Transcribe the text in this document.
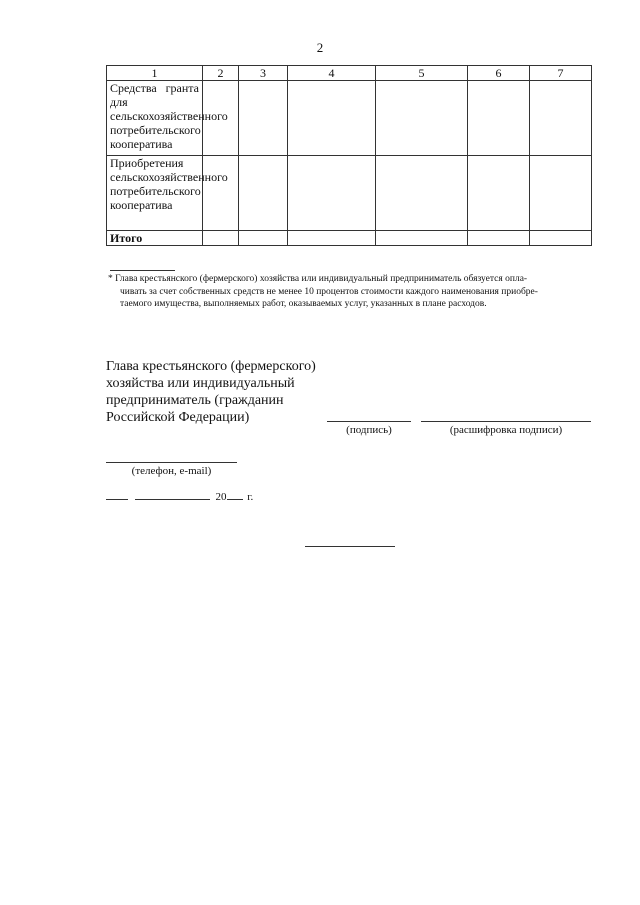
2
1	2	3	4	5	6	7
Средства гранта для сельскохозяйственного потребительского кооператива						
Приобретения сельскохозяйственного потребительского кооператива						
Итого						
* Глава крестьянского (фермерского) хозяйства или индивидуальный предприниматель обязуется опла-
чивать за счет собственных средств не менее 10 процентов стоимости каждого наименования приобре-
таемого имущества, выполняемых работ, оказываемых услуг, указанных в плане расходов.
Глава крестьянского (фермерского)
хозяйства или индивидуальный
предприниматель (гражданин
Российской Федерации)
(подпись)	(расшифровка подписи)
(телефон, e-mail)
20 г.
